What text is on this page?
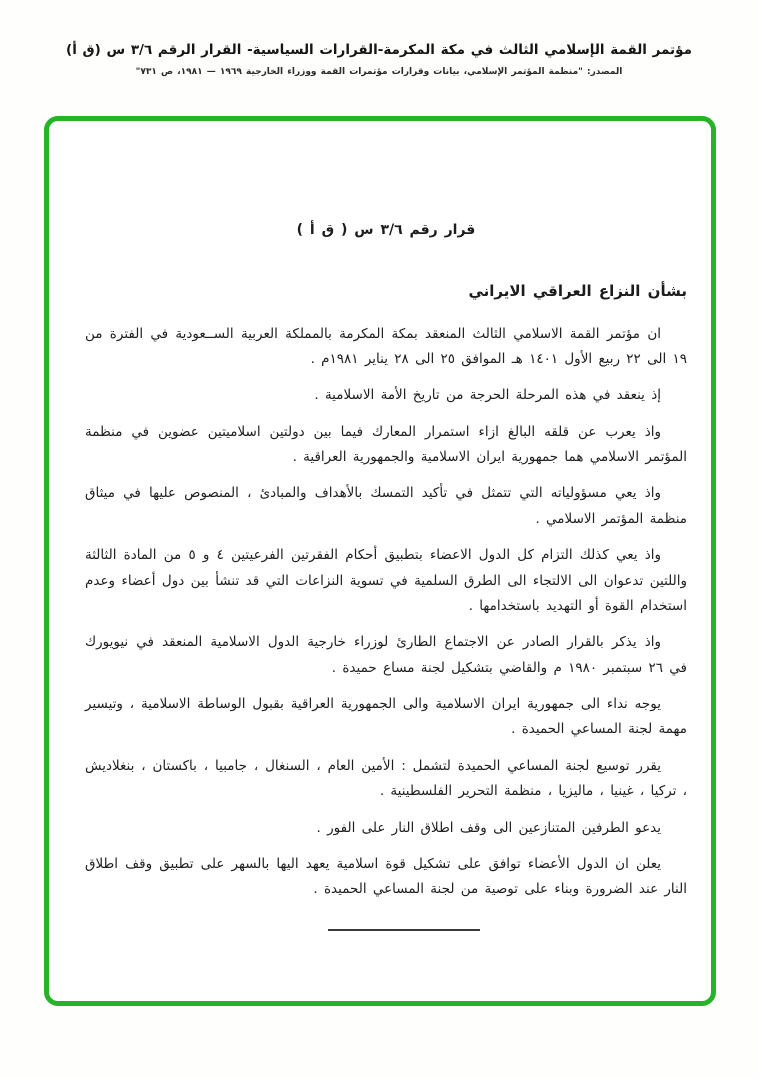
مؤتمر القمة الإسلامي الثالث في مكة المكرمة-القرارات السياسية- القرار الرقم ٣/٦ س (ق أ)
المصدر: "منظمة المؤتمر الإسلامي، بيانات وقرارات مؤتمرات القمة ووزراء الخارجية ١٩٦٩ — ١٩٨١، ص ٧٣١"
قرار رقم ٣/٦ س ( ق أ )
بشأن النزاع العراقي الايراني

ان مؤتمر القمة الاسلامي الثالث المنعقد بمكة المكرمة بالمملكة العربية الســعودية في الفترة من ١٩ الى ٢٢ ربيع الأول ١٤٠١ هـ الموافق ٢٥ الى ٢٨ يناير ١٩٨١م .

إذ ينعقد في هذه المرحلة الحرجة من تاريخ الأمة الاسلامية .

واذ يعرب عن قلقه البالغ ازاء استمرار المعارك فيما بين دولتين اسلاميتين عضوين في منظمة المؤتمر الاسلامي هما جمهورية ايران الاسلامية والجمهورية العراقية .

واذ يعي مسؤولياته التي تتمثل في تأكيد التمسك بالأهداف والمبادئ ، المنصوص عليها في ميثاق منظمة المؤتمر الاسلامي .

واذ يعي كذلك التزام كل الدول الاعضاء بتطبيق أحكام الفقرتين الفرعيتين ٤ و ٥ من المادة الثالثة واللتين تدعوان الى الالتجاء الى الطرق السلمية في تسوية النزاعات التي قد تنشأ بين دول أعضاء وعدم استخدام القوة أو التهديد باستخدامها .

واذ يذكر بالقرار الصادر عن الاجتماع الطارئ لوزراء خارجية الدول الاسلامية المنعقد في نيويورك في ٢٦ سبتمبر ١٩٨٠ م والقاضي بتشكيل لجنة مساع حميدة .

يوجه نداء الى جمهورية ايران الاسلامية والى الجمهورية العراقية بقبول الوساطة الاسلامية ، وتيسير مهمة لجنة المساعي الحميدة .

يقرر توسيع لجنة المساعي الحميدة لتشمل : الأمين العام ، السنغال ، جامبيا ، باكستان ، بنغلاديش ، تركيا ، غينيا ، ماليزيا ، منظمة التحرير الفلسطينية .

يدعو الطرفين المتنازعين الى وقف اطلاق النار على الفور .

يعلن ان الدول الأعضاء توافق على تشكيل قوة اسلامية يعهد اليها بالسهر على تطبيق وقف اطلاق النار عند الضرورة وبناء على توصية من لجنة المساعي الحميدة .
